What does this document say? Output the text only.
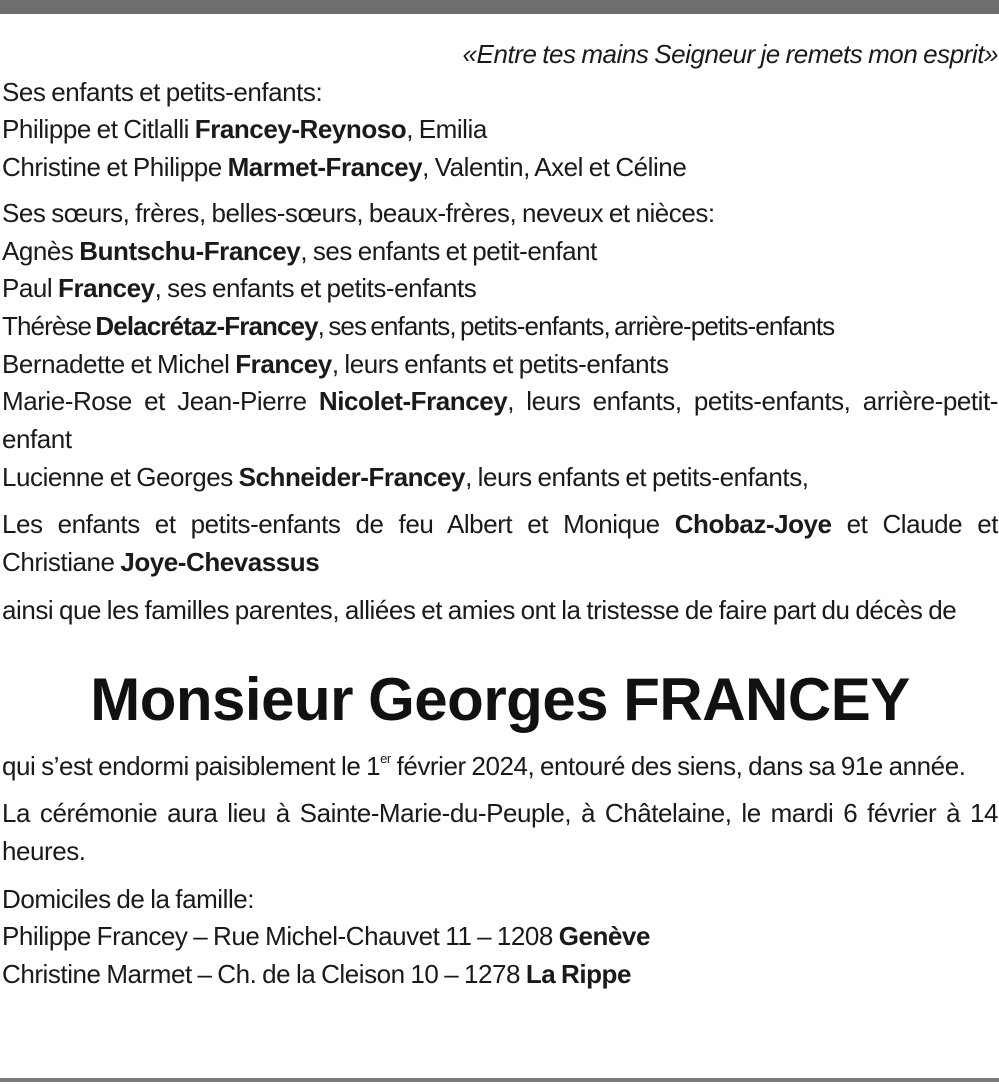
«Entre tes mains Seigneur je remets mon esprit»

Ses enfants et petits-enfants:
Philippe et Citlalli Francey-Reynoso, Emilia
Christine et Philippe Marmet-Francey, Valentin, Axel et Céline
Ses sœurs, frères, belles-sœurs, beaux-frères, neveux et nièces:
Agnès Buntschu-Francey, ses enfants et petit-enfant
Paul Francey, ses enfants et petits-enfants
Thérèse Delacrétaz-Francey, ses enfants, petits-enfants, arrière-petits-enfants
Bernadette et Michel Francey, leurs enfants et petits-enfants
Marie-Rose et Jean-Pierre Nicolet-Francey, leurs enfants, petits-enfants, arrière-petit-enfant
Lucienne et Georges Schneider-Francey, leurs enfants et petits-enfants,

Les enfants et petits-enfants de feu Albert et Monique Chobaz-Joye et Claude et Christiane Joye-Chevassus

ainsi que les familles parentes, alliées et amies ont la tristesse de faire part du décès de

Monsieur Georges FRANCEY

qui s’est endormi paisiblement le 1er février 2024, entouré des siens, dans sa 91e année.

La cérémonie aura lieu à Sainte-Marie-du-Peuple, à Châtelaine, le mardi 6 février à 14 heures.

Domiciles de la famille:
Philippe Francey – Rue Michel-Chauvet 11 – 1208 Genève
Christine Marmet – Ch. de la Cleison 10 – 1278 La Rippe
